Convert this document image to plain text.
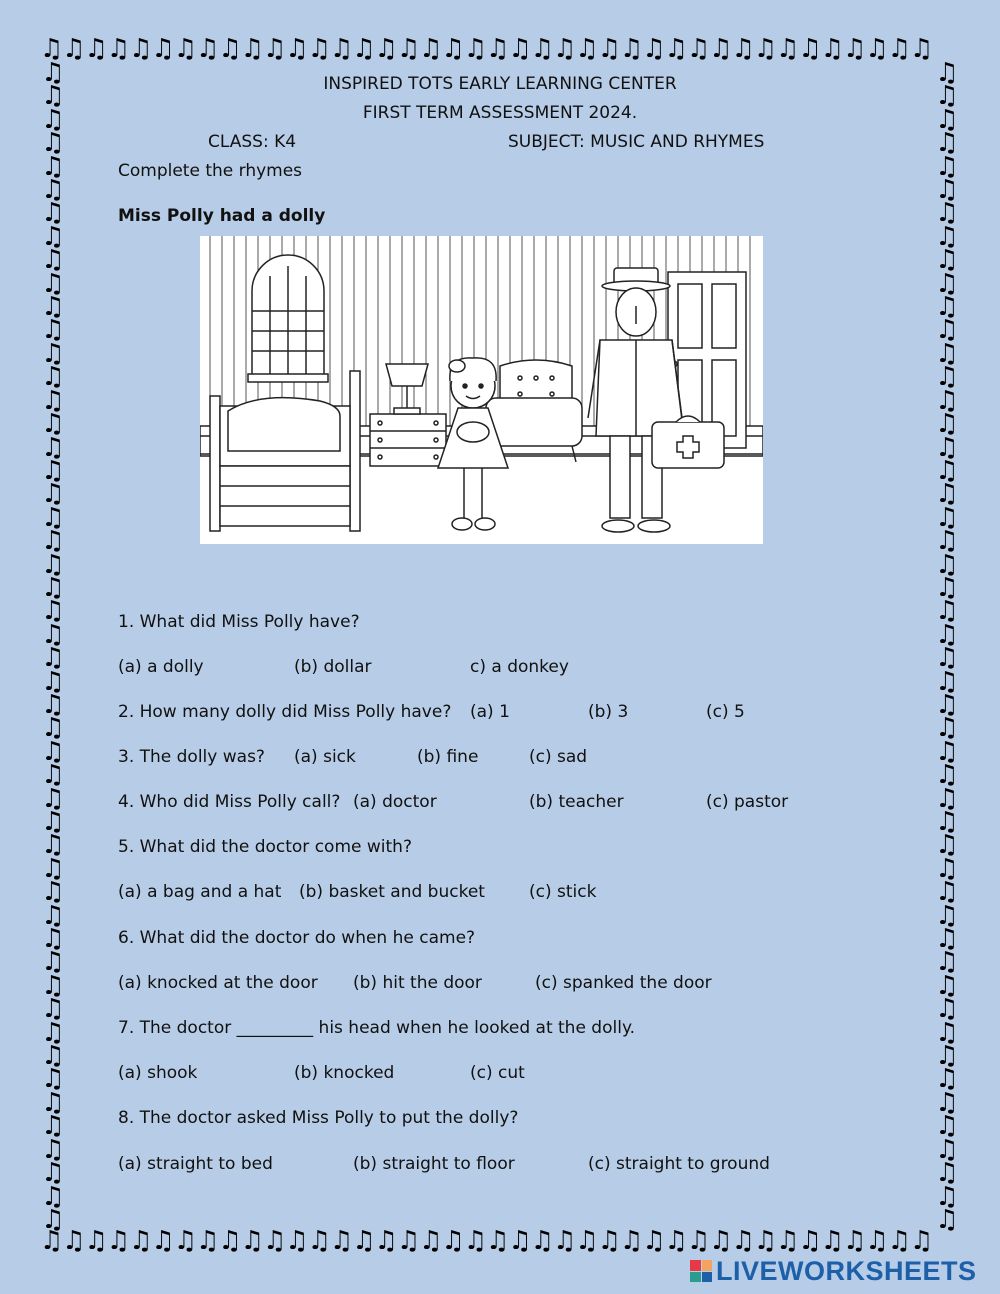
♫♫♫♫♫♫♫♫♫♫♫♫♫♫♫♫♫♫♫♫♫♫♫♫♫♫♫♫♫♫♫♫♫♫♫♫♫♫♫♫
♫♫♫♫♫♫♫♫♫♫♫♫♫♫♫♫♫♫♫♫♫♫♫♫♫♫♫♫♫♫♫♫♫♫♫♫♫♫♫♫
♫
♫
♫
♫
♫
♫
♫
♫
♫
♫
♫
♫
♫
♫
♫
♫
♫
♫
♫
♫
♫
♫
♫
♫
♫
♫
♫
♫
♫
♫
♫
♫
♫
♫
♫
♫
♫
♫
♫
♫
♫
♫
♫
♫
♫
♫
♫
♫
♫
♫
♫
♫
♫
♫
♫
♫
♫
♫
♫
♫
♫
♫
♫
♫
♫
♫
♫
♫
♫
♫
♫
♫
♫
♫
♫
♫
♫
♫
♫
♫
♫
♫
♫
♫
♫
♫
♫
♫
♫
♫
♫
♫
♫
♫
♫
♫
♫
♫
♫
♫
INSPIRED TOTS EARLY LEARNING CENTER
FIRST TERM ASSESSMENT 2024.
CLASS: K4	SUBJECT: MUSIC AND RHYMES
Complete the rhymes
Miss Polly had a dolly
1. What did Miss Polly have?
(a) a dolly	(b) dollar	c) a donkey
2. How many dolly did Miss Polly have? (a) 1	(b) 3	(c) 5
3. The dolly was? (a) sick	(b) fine	(c) sad
4. Who did Miss Polly call? (a) doctor	(b) teacher	(c) pastor
5. What did the doctor come with?
(a) a bag and a hat (b) basket and bucket	(c) stick
6. What did the doctor do when he came?
(a) knocked at the door (b) hit the door	(c) spanked the door
7. The doctor _________ his head when he looked at the dolly.
(a) shook	(b) knocked	(c) cut
8. The doctor asked Miss Polly to put the dolly?
(a) straight to bed	(b) straight to floor	(c) straight to ground
LIVEWORKSHEETS
